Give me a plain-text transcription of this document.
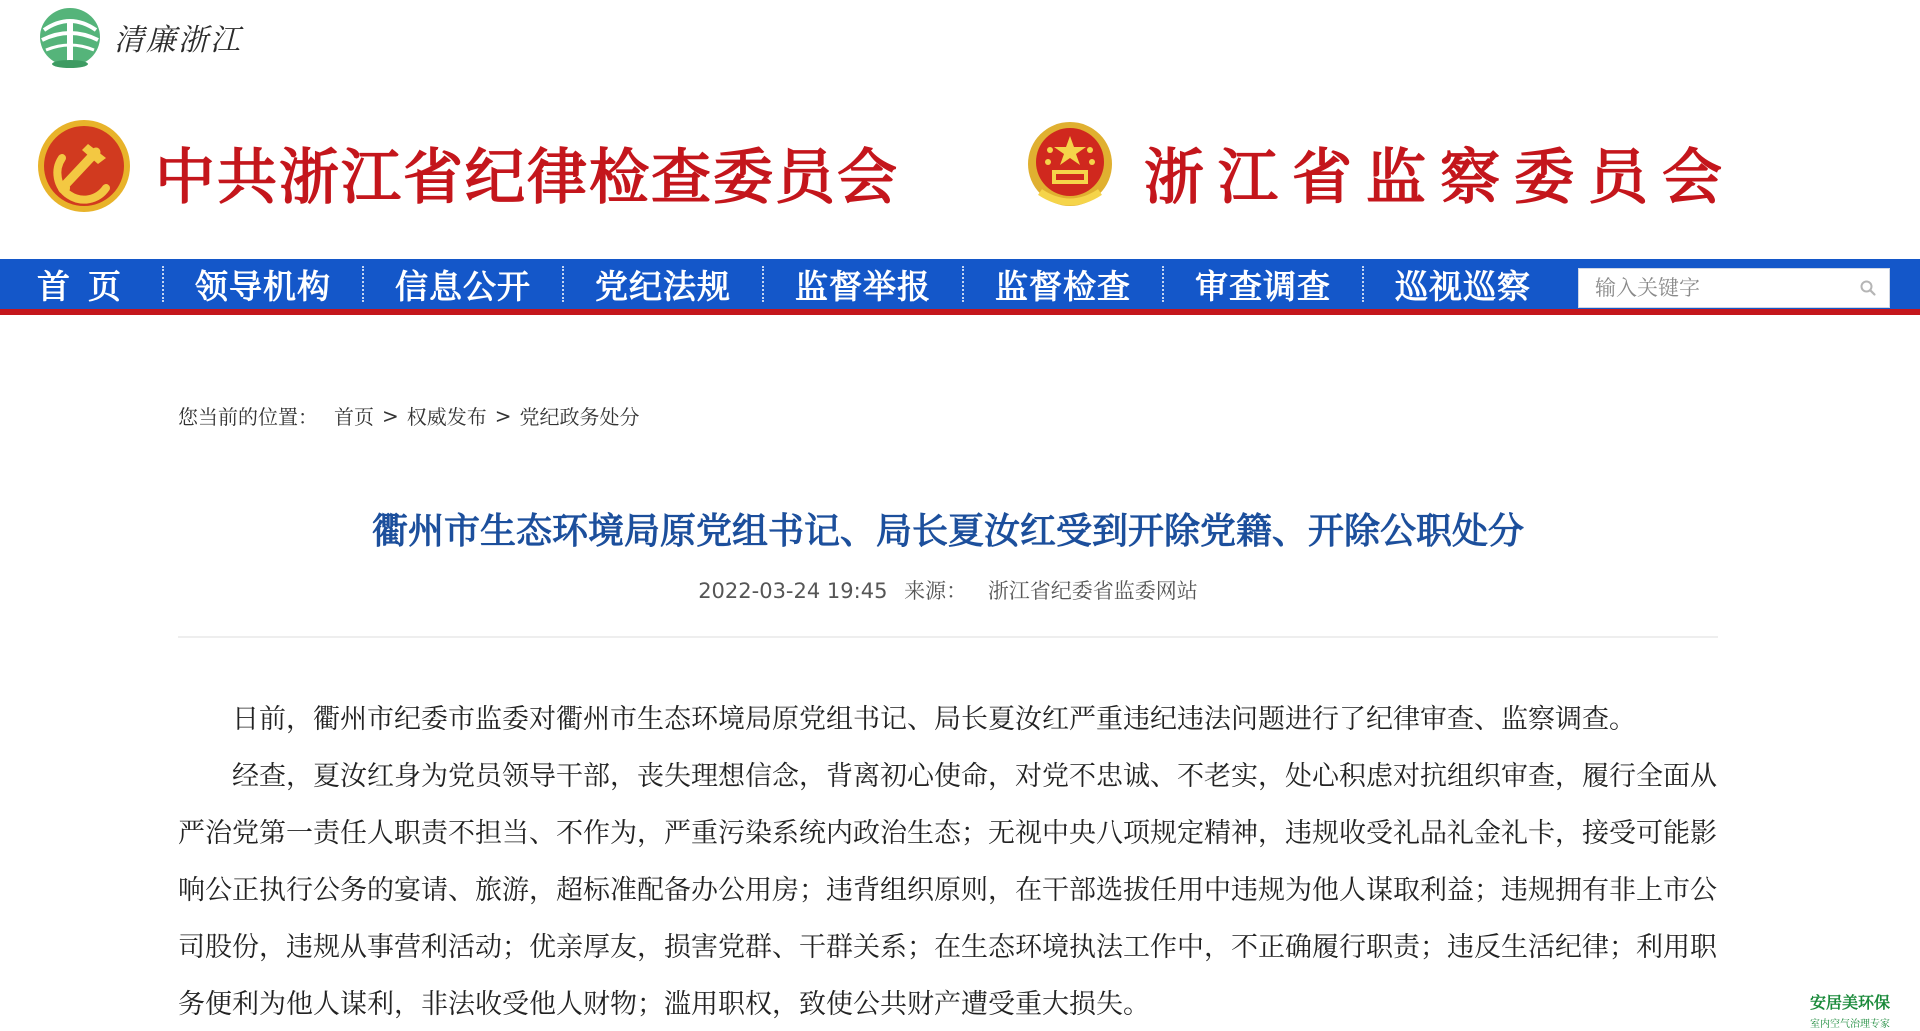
清廉浙江
中共浙江省纪律检查委员会	浙江省监察委员会
首页	领导机构	信息公开	党纪法规	监督举报	监督检查	审查调查	巡视巡察
输入关键字
您当前的位置： 首页 > 权威发布 > 党纪政务处分
衢州市生态环境局原党组书记、局长夏汝红受到开除党籍、开除公职处分
2022-03-24 19:45 来源： 浙江省纪委省监委网站

日前，衢州市纪委市监委对衢州市生态环境局原党组书记、局长夏汝红严重违纪违法问题进行了纪律审查、监察调查。

经查，夏汝红身为党员领导干部，丧失理想信念，背离初心使命，对党不忠诚、不老实，处心积虑对抗组织审查，履行全面从严治党第一责任人职责不担当、不作为，严重污染系统内政治生态；无视中央八项规定精神，违规收受礼品礼金礼卡，接受可能影响公正执行公务的宴请、旅游，超标准配备办公用房；违背组织原则，在干部选拔任用中违规为他人谋取利益；违规拥有非上市公司股份，违规从事营利活动；优亲厚友，损害党群、干群关系；在生态环境执法工作中，不正确履行职责；违反生活纪律；利用职务便利为他人谋利，非法收受他人财物；滥用职权，致使公共财产遭受重大损失。	安居美环保
室内空气治理专家
